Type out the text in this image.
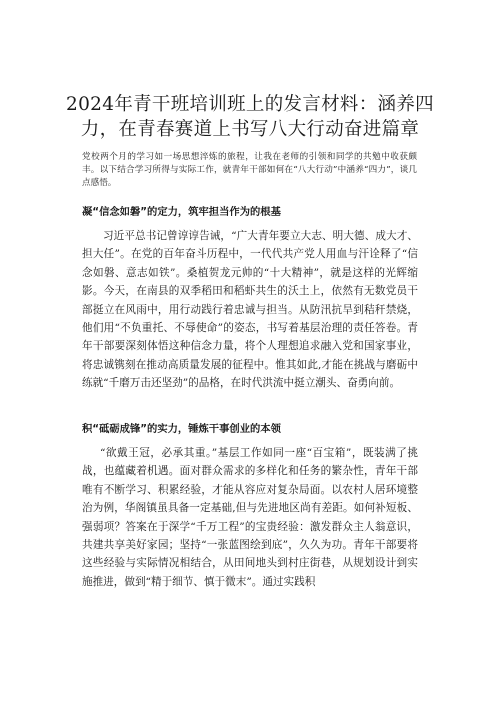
2024年青干班培训班上的发言材料：涵养四
力，在青春赛道上书写八大行动奋进篇章

党校两个月的学习如一场思想淬炼的旅程，让我在老师的引领和同学的共勉中收获颇丰。以下结合学习所得与实际工作，就青年干部如何在“八大行动”中涵养“四力”，谈几点感悟。

凝“信念如磐”的定力，筑牢担当作为的根基

习近平总书记曾谆谆告诫，“广大青年要立大志、明大德、成大才、担大任”。在党的百年奋斗历程中，一代代共产党人用血与汗诠释了“信念如磐、意志如铁”。桑植贺龙元帅的“十大精神”，就是这样的光辉缩影。今天，在南县的双季稻田和稻虾共生的沃土上，依然有无数党员干部挺立在风雨中，用行动践行着忠诚与担当。从防汛抗旱到秸秆禁烧，他们用“不负重托、不辱使命”的姿态，书写着基层治理的责任答卷。青年干部要深刻体悟这种信念力量，将个人理想追求融入党和国家事业，将忠诚镌刻在推动高质量发展的征程中。惟其如此,才能在挑战与磨砺中练就“千磨万击还坚劲”的品格，在时代洪流中挺立潮头、奋勇向前。

积“砥砺成锋”的实力，锤炼干事创业的本领

“欲戴王冠，必承其重。”基层工作如同一座“百宝箱”，既装满了挑战，也蕴藏着机遇。面对群众需求的多样化和任务的繁杂性，青年干部唯有不断学习、积累经验，才能从容应对复杂局面。以农村人居环境整治为例，华阁镇虽具备一定基础,但与先进地区尚有差距。如何补短板、强弱项？答案在于深学“千万工程”的宝贵经验：激发群众主人翁意识，共建共享美好家园；坚持“一张蓝图绘到底”，久久为功。青年干部要将这些经验与实际情况相结合，从田间地头到村庄街巷，从规划设计到实施推进，做到“精于细节、慎于微末”。通过实践积
